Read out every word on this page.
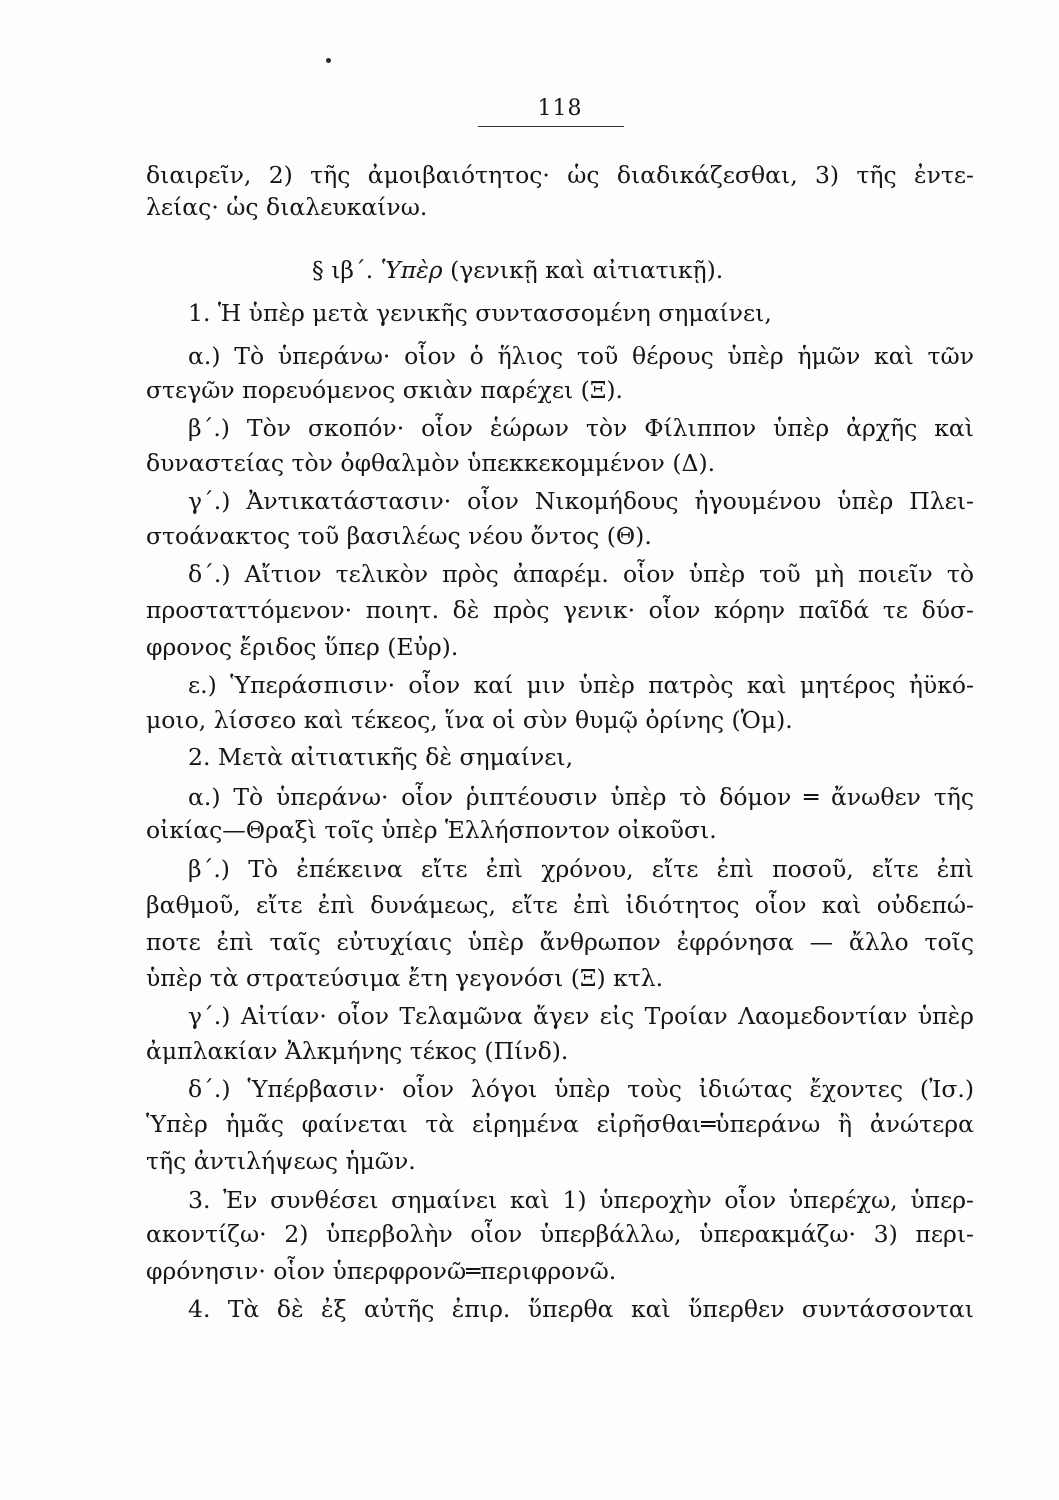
118
διαιρεῖν, 2) τῆς ἀμοιβαιότητος· ὡς διαδικάζεσθαι, 3) τῆς ἐντε-
λείας· ὡς διαλευκαίνω.
§ ιβ΄. Ὑπὲρ (γενικῇ καὶ αἰτιατικῇ).
1. Ἡ ὑπὲρ μετὰ γενικῆς συντασσομένη σημαίνει,
α.) Τὸ ὑπεράνω· οἷον ὁ ἥλιος τοῦ θέρους ὑπὲρ ἡμῶν καὶ τῶν
στεγῶν πορευόμενος σκιὰν παρέχει (Ξ).
β΄.) Τὸν σκοπόν· οἷον ἑώρων τὸν Φίλιππον ὑπὲρ ἀρχῆς καὶ
δυναστείας τὸν ὀφθαλμὸν ὑπεκκεκομμένον (Δ).
γ΄.) Ἀντικατάστασιν· οἷον Νικομήδους ἡγουμένου ὑπὲρ Πλει-
στοάνακτος τοῦ βασιλέως νέου ὄντος (Θ).
δ΄.) Αἴτιον τελικὸν πρὸς ἀπαρέμ. οἷον ὑπὲρ τοῦ μὴ ποιεῖν τὸ
προσταττόμενον· ποιητ. δὲ πρὸς γενικ· οἷον κόρην παῖδά τε δύσ-
φρονος ἔριδος ὕπερ (Εὐρ).
ε.) Ὑπεράσπισιν· οἷον καί μιν ὑπὲρ πατρὸς καὶ μητέρος ἠϋκό-
μοιο, λίσσεο καὶ τέκεος, ἵνα οἱ σὺν θυμῷ ὀρίνης (Ὁμ).
2. Μετὰ αἰτιατικῆς δὲ σημαίνει,
α.) Τὸ ὑπεράνω· οἷον ῥιπτέουσιν ὑπὲρ τὸ δόμον ═ ἄνωθεν τῆς
οἰκίας—Θραξὶ τοῖς ὑπὲρ Ἑλλήσποντον οἰκοῦσι.
β΄.) Τὸ ἐπέκεινα εἴτε ἐπὶ χρόνου, εἴτε ἐπὶ ποσοῦ, εἴτε ἐπὶ
βαθμοῦ, εἴτε ἐπὶ δυνάμεως, εἴτε ἐπὶ ἰδιότητος οἷον καὶ οὐδεπώ-
ποτε ἐπὶ ταῖς εὐτυχίαις ὑπὲρ ἄνθρωπον ἐφρόνησα — ἄλλο τοῖς
ὑπὲρ τὰ στρατεύσιμα ἔτη γεγονόσι (Ξ) κτλ.
γ΄.) Αἰτίαν· οἷον Τελαμῶνα ἄγεν εἰς Τροίαν Λαομεδοντίαν ὑπὲρ
ἀμπλακίαν Ἀλκμήνης τέκος (Πίνδ).
δ΄.) Ὑπέρβασιν· οἷον λόγοι ὑπὲρ τοὺς ἰδιώτας ἔχοντες (Ἰσ.)
Ὑπὲρ ἡμᾶς φαίνεται τὰ εἰρημένα εἰρῆσθαι═ὑπεράνω ἢ ἀνώτερα
τῆς ἀντιλήψεως ἡμῶν.
3. Ἐν συνθέσει σημαίνει καὶ 1) ὑπεροχὴν οἷον ὑπερέχω, ὑπερ-
ακοντίζω· 2) ὑπερβολὴν οἷον ὑπερβάλλω, ὑπερακμάζω· 3) περι-
φρόνησιν· οἷον ὑπερφρονῶ═περιφρονῶ.
4. Τὰ δὲ ἐξ αὐτῆς ἐπιρ. ὕπερθα καὶ ὕπερθεν συντάσσονται
